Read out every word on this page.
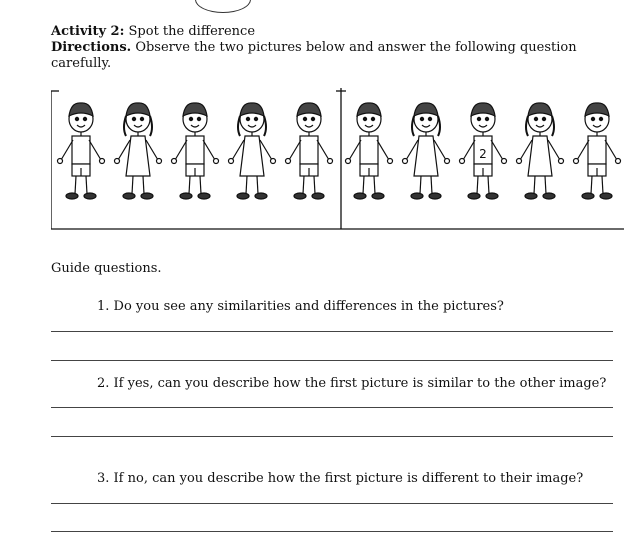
Activity 2: Spot the difference
Directions. Observe the two pictures below and answer the following question carefully.
2
Guide questions.
1. Do you see any similarities and differences in the pictures?
2. If yes, can you describe how the first picture is similar to the other image?
3. If no, can you describe how the first picture is different to their image?
